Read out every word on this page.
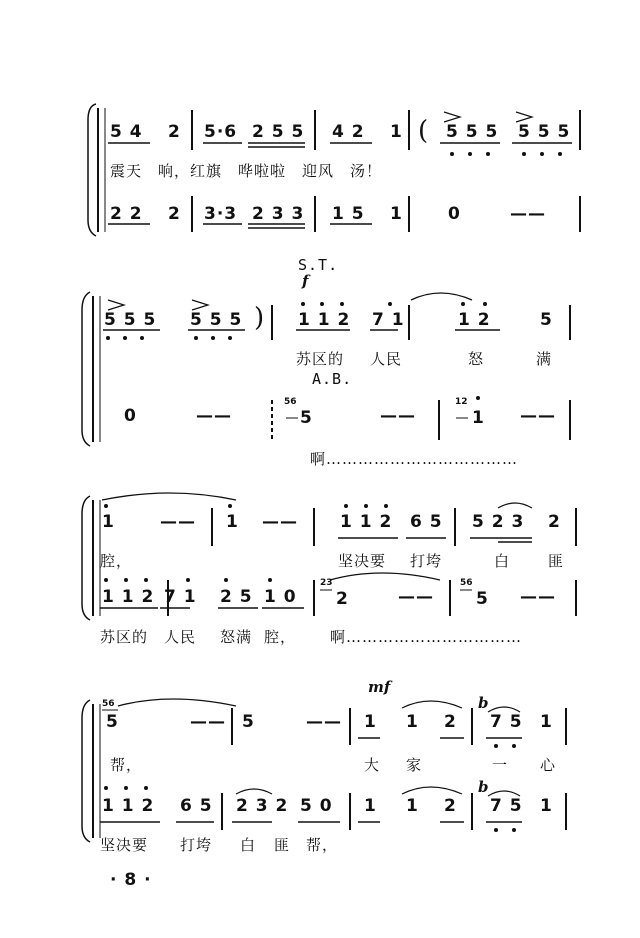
5 4 2 5·6 2 5 5 4 2 1 ( 5 5 5 5 5 5
震天　响，红旗　哗啦啦　迎风　汤！
2 2 2 3·3 2 3 3 1 5 1	0	——
S.T.
f
5 5 5 5 5 5 ) 1 1 2 7 1	1 2	5
苏区的 人民	怒	满
A.B.
0	——
56
5	——
12
1 ——
啊………………………………
1	—— 1 —— 1 1 2 6 5 5 2 3 2
腔，	坚决要 打垮	白	匪
1 1 2 7 1 2 5 1 0
23
2	——
56
5 ——
苏区的 人民 怒满 腔， 啊……………………………
mf
56
5	—— 5	—— 1 1 2
b
7 5 1
帮，	大 家	一 心
1 1 2 6 5 2 3 2 5 0 1 1 2
b
7 5 1
坚决要 打垮 白 匪 帮，
· 8 ·
